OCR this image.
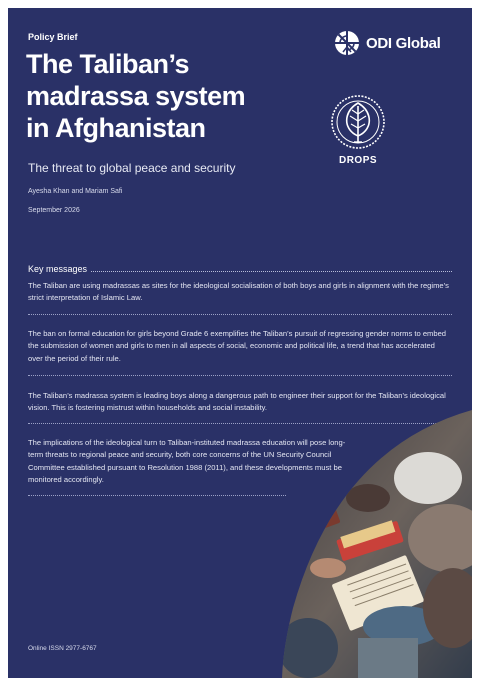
Policy Brief
The Taliban’s
madrassa system
in Afghanistan
The threat to global peace and security
Ayesha Khan and Mariam Safi
September 2026
ODI Global
DROPS
Key messages
The Taliban are using madrassas as sites for the ideological socialisation of both boys and girls in alignment with the regime’s strict interpretation of Islamic Law.
The ban on formal education for girls beyond Grade 6 exemplifies the Taliban’s pursuit of regressing gender norms to embed the submission of women and girls to men in all aspects of social, economic and political life, a trend that has accelerated over the period of their rule.
The Taliban’s madrassa system is leading boys along a dangerous path to engineer their support for the Taliban’s ideological vision. This is fostering mistrust within households and social instability.
The implications of the ideological turn to Taliban-instituted madrassa education will pose long-term threats to regional peace and security, both core concerns of the UN Security Council Committee established pursuant to Resolution 1988 (2011), and these developments must be monitored accordingly.
Online ISSN 2977-6767
